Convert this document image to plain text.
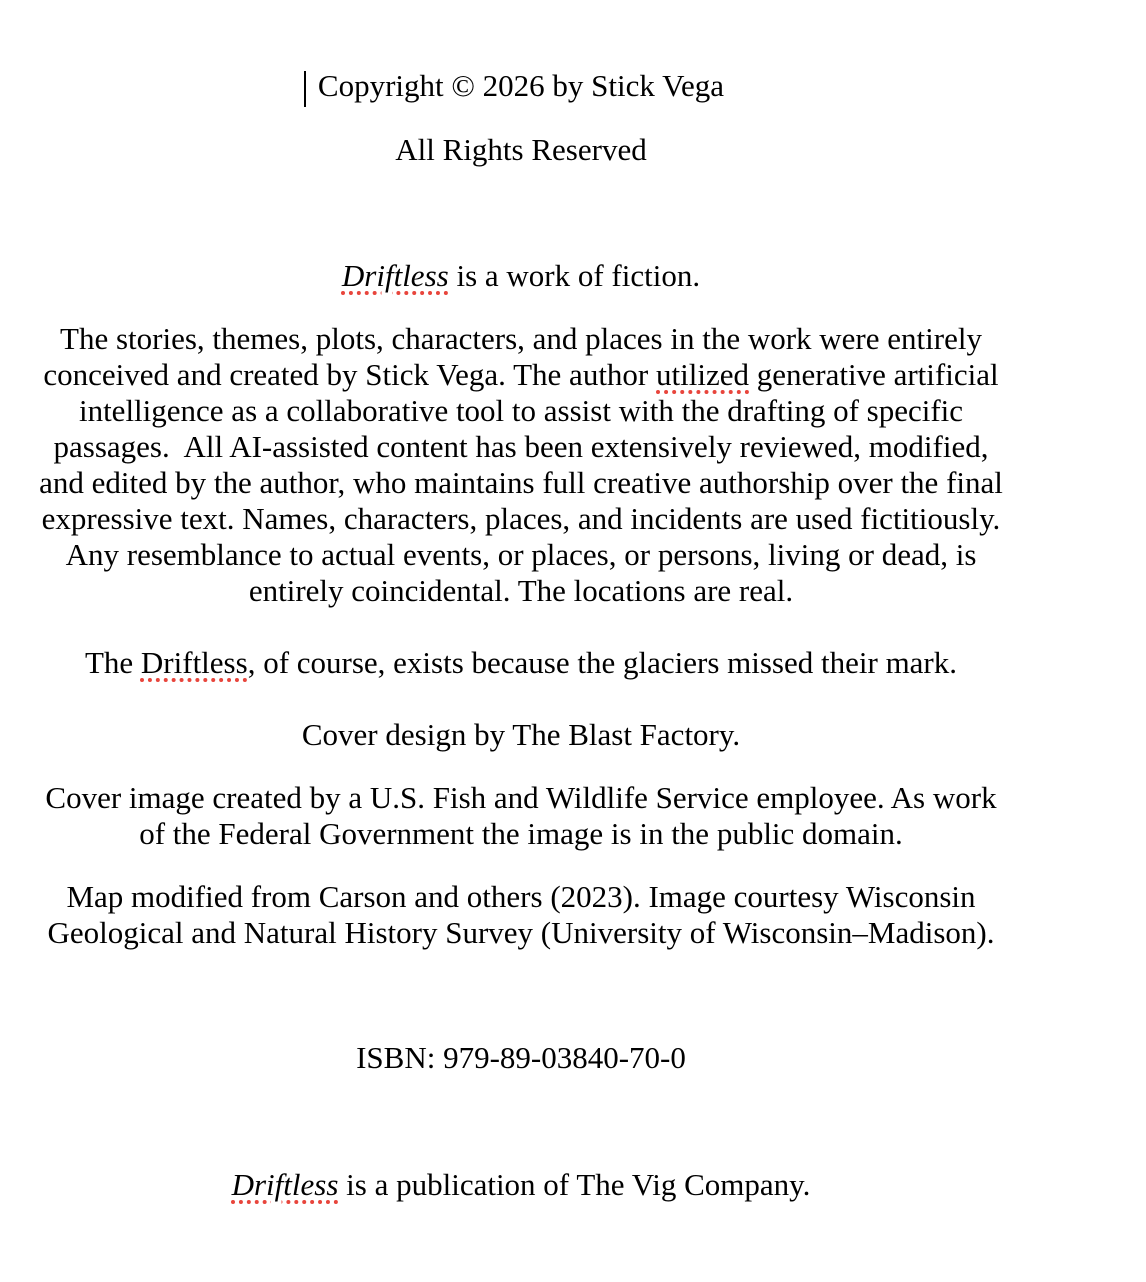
Copyright © 2026 by Stick Vega

All Rights Reserved

Driftless is a work of fiction.

The stories, themes, plots, characters, and places in the work were entirely
conceived and created by Stick Vega. The author utilized generative artificial
intelligence as a collaborative tool to assist with the drafting of specific
passages.  All AI-assisted content has been extensively reviewed, modified,
and edited by the author, who maintains full creative authorship over the final
expressive text. Names, characters, places, and incidents are used fictitiously.
Any resemblance to actual events, or places, or persons, living or dead, is
entirely coincidental. The locations are real.

The Driftless, of course, exists because the glaciers missed their mark.

Cover design by The Blast Factory.

Cover image created by a U.S. Fish and Wildlife Service employee. As work
of the Federal Government the image is in the public domain.

Map modified from Carson and others (2023). Image courtesy Wisconsin
Geological and Natural History Survey (University of Wisconsin–Madison).

ISBN: 979-89-03840-70-0

Driftless is a publication of The Vig Company.
